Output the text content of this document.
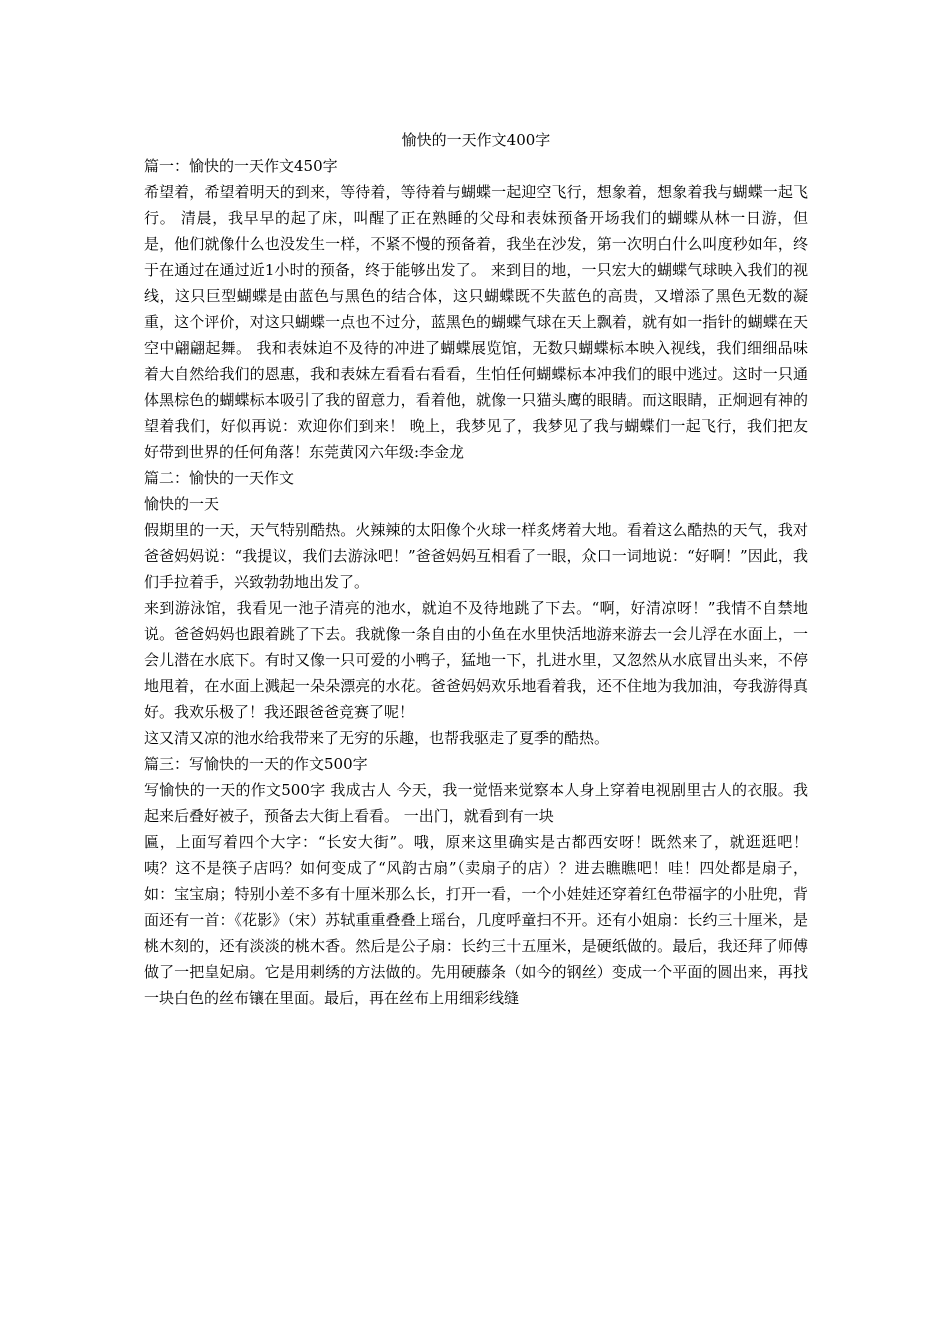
愉快的一天作文400字

篇一：愉快的一天作文450字

希望着，希望着明天的到来，等待着，等待着与蝴蝶一起迎空飞行，想象着，想象着我与蝴蝶一起飞行。 清晨，我早早的起了床，叫醒了正在熟睡的父母和表妹预备开场我们的蝴蝶从林一日游，但是，他们就像什么也没发生一样，不紧不慢的预备着，我坐在沙发，第一次明白什么叫度秒如年，终于在通过在通过近1小时的预备，终于能够出发了。 来到目的地，一只宏大的蝴蝶气球映入我们的视线，这只巨型蝴蝶是由蓝色与黑色的结合体，这只蝴蝶既不失蓝色的高贵，又增添了黑色无数的凝重，这个评价，对这只蝴蝶一点也不过分，蓝黑色的蝴蝶气球在天上飘着，就有如一指针的蝴蝶在天空中翩翩起舞。 我和表妹迫不及待的冲进了蝴蝶展览馆，无数只蝴蝶标本映入视线，我们细细品味着大自然给我们的恩惠，我和表妹左看看右看看，生怕任何蝴蝶标本冲我们的眼中逃过。这时一只通体黑棕色的蝴蝶标本吸引了我的留意力，看着他，就像一只猫头鹰的眼睛。而这眼睛，正炯迥有神的望着我们，好似再说：欢迎你们到来！ 晚上，我梦见了，我梦见了我与蝴蝶们一起飞行，我们把友好带到世界的任何角落！东莞黄冈六年级:李金龙

篇二：愉快的一天作文

愉快的一天

假期里的一天，天气特别酷热。火辣辣的太阳像个火球一样炙烤着大地。看着这么酷热的天气，我对爸爸妈妈说：“我提议，我们去游泳吧！”爸爸妈妈互相看了一眼，众口一词地说：“好啊！”因此，我们手拉着手，兴致勃勃地出发了。

来到游泳馆，我看见一池子清亮的池水，就迫不及待地跳了下去。“啊，好清凉呀！”我情不自禁地说。爸爸妈妈也跟着跳了下去。我就像一条自由的小鱼在水里快活地游来游去一会儿浮在水面上，一会儿潜在水底下。有时又像一只可爱的小鸭子，猛地一下，扎进水里，又忽然从水底冒出头来，不停地甩着，在水面上溅起一朵朵漂亮的水花。爸爸妈妈欢乐地看着我，还不住地为我加油，夸我游得真好。我欢乐极了！我还跟爸爸竞赛了呢！

这又清又凉的池水给我带来了无穷的乐趣，也帮我驱走了夏季的酷热。

篇三：写愉快的一天的作文500字

写愉快的一天的作文500字 我成古人 今天，我一觉悟来觉察本人身上穿着电视剧里古人的衣服。我起来后叠好被子，预备去大街上看看。 一出门，就看到有一块

匾，上面写着四个大字：“长安大街”。哦，原来这里确实是古都西安呀！既然来了，就逛逛吧！ 咦？这不是筷子店吗？如何变成了“风韵古扇”（卖扇子的店）？进去瞧瞧吧！哇！四处都是扇子，如：宝宝扇；特别小差不多有十厘米那么长，打开一看，一个小娃娃还穿着红色带福字的小肚兜，背面还有一首：《花影》（宋）苏轼重重叠叠上瑶台，几度呼童扫不开。还有小姐扇：长约三十厘米，是桃木刻的，还有淡淡的桃木香。然后是公子扇：长约三十五厘米，是硬纸做的。最后，我还拜了师傅做了一把皇妃扇。它是用刺绣的方法做的。先用硬藤条（如今的钢丝）变成一个平面的圆出来，再找一块白色的丝布镶在里面。最后，再在丝布上用细彩线缝
